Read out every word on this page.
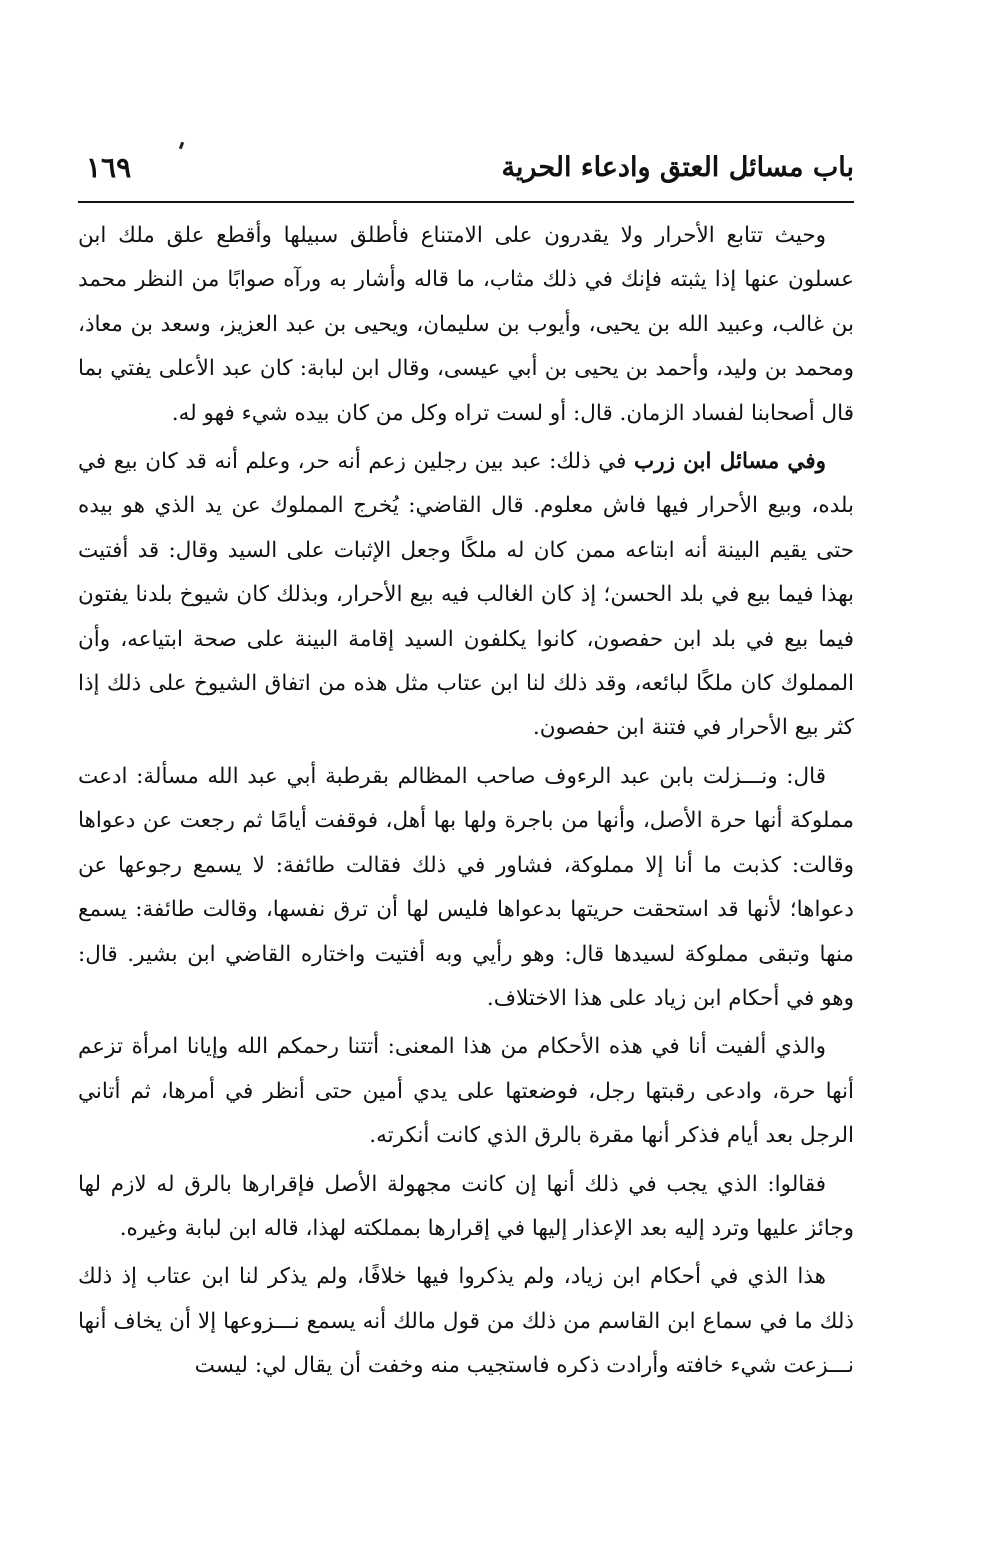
باب مسائل العتق وادعاء الحرية
١٦٩

وحيث تتابع الأحرار ولا يقدرون على الامتناع فأطلق سبيلها وأقطع علق ملك ابن عسلون عنها إذا يثبته فإنك في ذلك مثاب، ما قاله وأشار به ورآه صوابًا من النظر محمد بن غالب، وعبيد الله بن يحيى، وأيوب بن سليمان، ويحيى بن عبد العزيز، وسعد بن معاذ، ومحمد بن وليد، وأحمد بن يحيى بن أبي عيسى، وقال ابن لبابة: كان عبد الأعلى يفتي بما قال أصحابنا لفساد الزمان. قال: أو لست تراه وكل من كان بيده شيء فهو له.

وفي مسائل ابن زرب في ذلك: عبد بين رجلين زعم أنه حر، وعلم أنه قد كان بيع في بلده، وبيع الأحرار فيها فاش معلوم. قال القاضي: يُخرج المملوك عن يد الذي هو بيده حتى يقيم البينة أنه ابتاعه ممن كان له ملكًا وجعل الإثبات على السيد وقال: قد أفتيت بهذا فيما بيع في بلد الحسن؛ إذ كان الغالب فيه بيع الأحرار، وبذلك كان شيوخ بلدنا يفتون فيما بيع في بلد ابن حفصون، كانوا يكلفون السيد إقامة البينة على صحة ابتياعه، وأن المملوك كان ملكًا لبائعه، وقد ذلك لنا ابن عتاب مثل هذه من اتفاق الشيوخ على ذلك إذا كثر بيع الأحرار في فتنة ابن حفصون.

قال: ونـــزلت بابن عبد الرءوف صاحب المظالم بقرطبة أبي عبد الله مسألة: ادعت مملوكة أنها حرة الأصل، وأنها من باجرة ولها بها أهل، فوقفت أيامًا ثم رجعت عن دعواها وقالت: كذبت ما أنا إلا مملوكة، فشاور في ذلك فقالت طائفة: لا يسمع رجوعها عن دعواها؛ لأنها قد استحقت حريتها بدعواها فليس لها أن ترق نفسها، وقالت طائفة: يسمع منها وتبقى مملوكة لسيدها قال: وهو رأيي وبه أفتيت واختاره القاضي ابن بشير. قال: وهو في أحكام ابن زياد على هذا الاختلاف.

والذي ألفيت أنا في هذه الأحكام من هذا المعنى: أتتنا رحمكم الله وإيانا امرأة تزعم أنها حرة، وادعى رقبتها رجل، فوضعتها على يدي أمين حتى أنظر في أمرها، ثم أتاني الرجل بعد أيام فذكر أنها مقرة بالرق الذي كانت أنكرته.

فقالوا: الذي يجب في ذلك أنها إن كانت مجهولة الأصل فإقرارها بالرق له لازم لها وجائز عليها وترد إليه بعد الإعذار إليها في إقرارها بمملكته لهذا، قاله ابن لبابة وغيره.

هذا الذي في أحكام ابن زياد، ولم يذكروا فيها خلافًا، ولم يذكر لنا ابن عتاب إذ ذلك ذلك ما في سماع ابن القاسم من ذلك من قول مالك أنه يسمع نـــزوعها إلا أن يخاف أنها نـــزعت شيء خافته وأرادت ذكره فاستجيب منه وخفت أن يقال لي: ليست
